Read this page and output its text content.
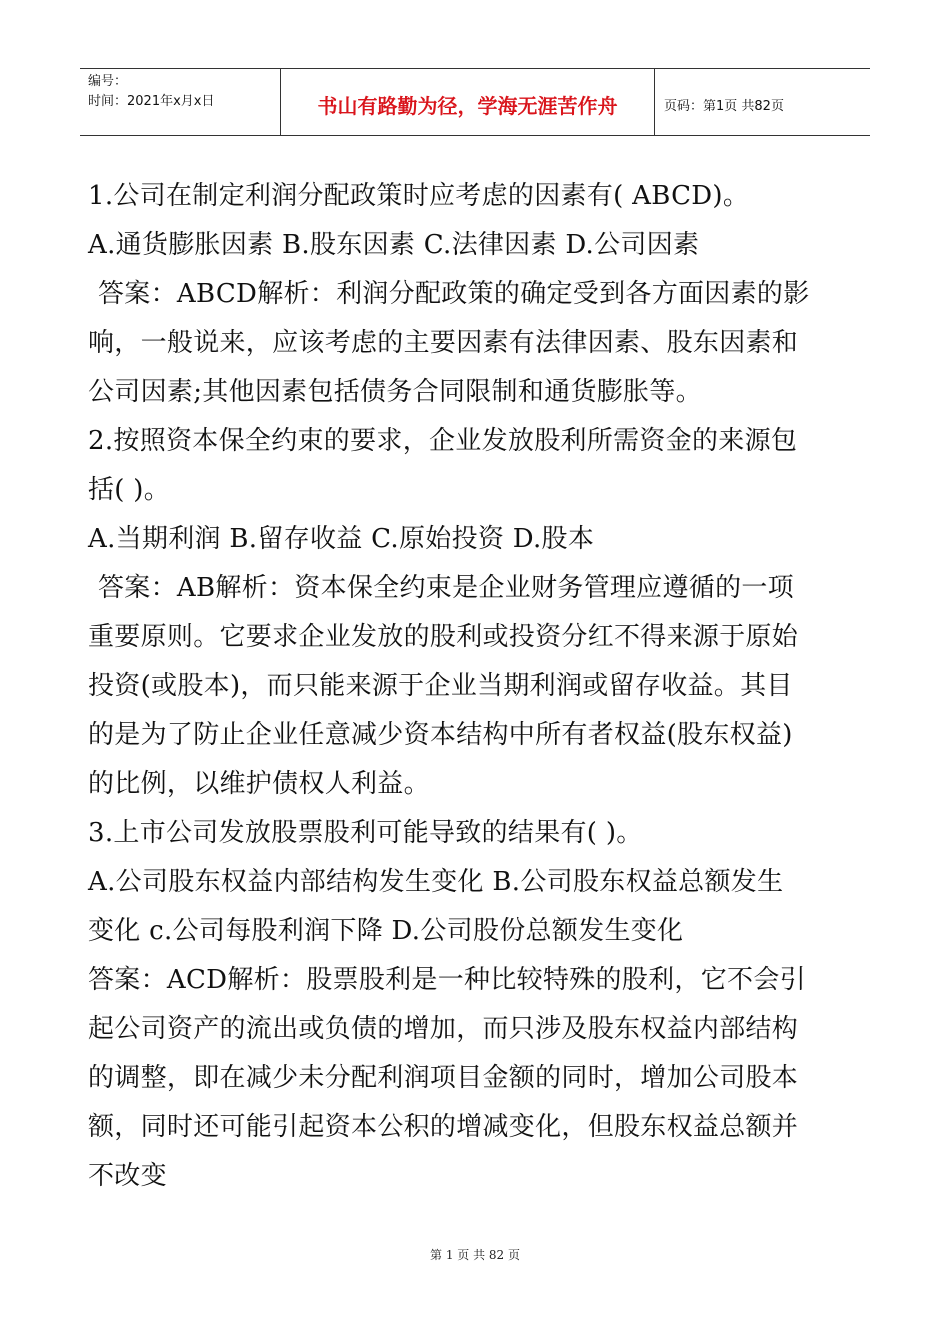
编号：
时间：2021年x月x日	书山有路勤为径，学海无涯苦作舟	页码：第1页 共82页

1.公司在制定利润分配政策时应考虑的因素有( ABCD)。

A.通货膨胀因素 B.股东因素 C.法律因素 D.公司因素

答案：ABCD解析：利润分配政策的确定受到各方面因素的影

响，一般说来，应该考虑的主要因素有法律因素、股东因素和

公司因素;其他因素包括债务合同限制和通货膨胀等。

2.按照资本保全约束的要求，企业发放股利所需资金的来源包

括( )。

A.当期利润 B.留存收益 C.原始投资 D.股本

答案：AB解析：资本保全约束是企业财务管理应遵循的一项

重要原则。它要求企业发放的股利或投资分红不得来源于原始

投资(或股本)，而只能来源于企业当期利润或留存收益。其目

的是为了防止企业任意减少资本结构中所有者权益(股东权益)

的比例，以维护债权人利益。

3.上市公司发放股票股利可能导致的结果有( )。

A.公司股东权益内部结构发生变化 B.公司股东权益总额发生

变化 c.公司每股利润下降 D.公司股份总额发生变化

答案：ACD解析：股票股利是一种比较特殊的股利，它不会引

起公司资产的流出或负债的增加，而只涉及股东权益内部结构

的调整，即在减少未分配利润项目金额的同时，增加公司股本

额，同时还可能引起资本公积的增减变化，但股东权益总额并

不改变

第 1 页 共 82 页
